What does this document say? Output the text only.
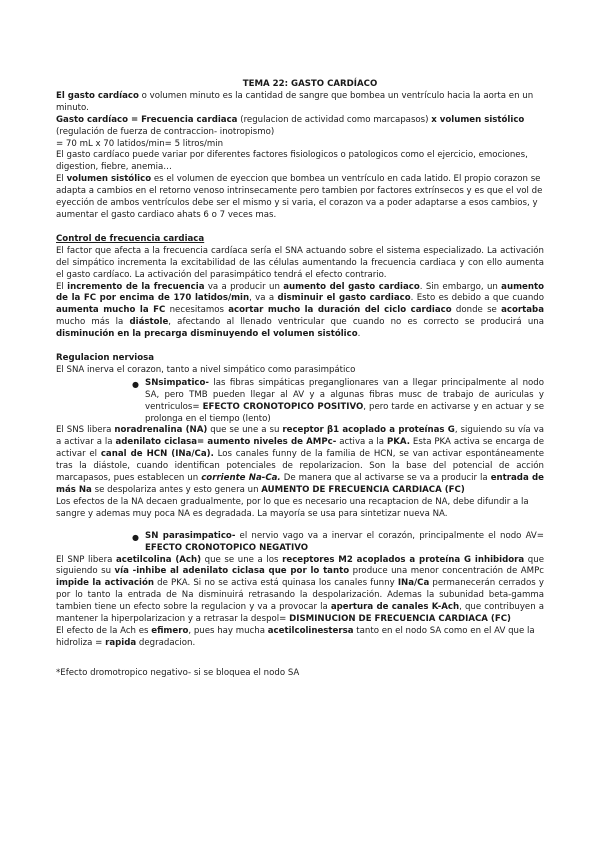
TEMA 22: GASTO CARDÍACO

El gasto cardíaco o volumen minuto es la cantidad de sangre que bombea un ventrículo hacia la aorta en un minuto.

Gasto cardíaco = Frecuencia cardiaca (regulacion de actividad como marcapasos) x volumen sistólico (regulación de fuerza de contraccion- inotropismo)

= 70 mL x 70 latidos/min= 5 litros/min

El gasto cardíaco puede variar por diferentes factores fisiologicos o patologicos como el ejercicio, emociones, digestion, fiebre, anemia…

El volumen sistólico es el volumen de eyeccion que bombea un ventrículo en cada latido. El propio corazon se adapta a cambios en el retorno venoso intrinsecamente pero tambien por factores extrínsecos y es que el vol de eyección de ambos ventrículos debe ser el mismo y si varia, el corazon va a poder adaptarse a esos cambios, y aumentar el gasto cardiaco ahats 6 o 7 veces mas.

Control de frecuencia cardiaca

El factor que afecta a la frecuencia cardíaca sería el SNA actuando sobre el sistema especializado. La activación del simpático incrementa la excitabilidad de las células aumentando la frecuencia cardiaca y con ello aumenta el gasto cardíaco. La activación del parasimpático tendrá el efecto contrario.

El incremento de la frecuencia va a producir un aumento del gasto cardiaco. Sin embargo, un aumento de la FC por encima de 170 latidos/min, va a disminuir el gasto cardiaco. Esto es debido a que cuando aumenta mucho la FC necesitamos acortar mucho la duración del ciclo cardiaco donde se acortaba mucho más la diástole, afectando al llenado ventricular que cuando no es correcto se producirá una disminución en la precarga disminuyendo el volumen sistólico.

Regulacion nerviosa

El SNA inerva el corazon, tanto a nivel simpático como parasimpático

● SNsimpatico- las fibras simpáticas preganglionares van a llegar principalmente al nodo SA, pero TMB pueden llegar al AV y a algunas fibras musc de trabajo de auriculas y ventriculos= EFECTO CRONOTOPICO POSITIVO, pero tarde en activarse y en actuar y se prolonga en el tiempo (lento)

El SNS libera noradrenalina (NA) que se une a su receptor β1 acoplado a proteínas G, siguiendo su vía va a activar a la adenilato ciclasa= aumento niveles de AMPc- activa a la PKA. Esta PKA activa se encarga de activar el canal de HCN (INa/Ca). Los canales funny de la familia de HCN, se van activar espontáneamente tras la diástole, cuando identifican potenciales de repolarizacion. Son la base del potencial de acción marcapasos, pues establecen un corriente Na-Ca. De manera que al activarse se va a producir la entrada de más Na se despolariza antes y esto genera un AUMENTO DE FRECUENCIA CARDIACA (FC)

Los efectos de la NA decaen gradualmente, por lo que es necesario una recaptacion de NA, debe difundir a la sangre y ademas muy poca NA es degradada. La mayoría se usa para sintetizar nueva NA.

● SN parasimpatico- el nervio vago va a inervar el corazón, principalmente el nodo AV= EFECTO CRONOTOPICO NEGATIVO

El SNP libera acetilcolina (Ach) que se une a los receptores M2 acoplados a proteína G inhibidora que siguiendo su vía -inhibe al adenilato ciclasa que por lo tanto produce una menor concentración de AMPc impide la activación de PKA. Si no se activa está quinasa los canales funny INa/Ca permanecerán cerrados y por lo tanto la entrada de Na disminuirá retrasando la despolarización. Ademas la subunidad beta-gamma tambien tiene un efecto sobre la regulacion y va a provocar la apertura de canales K-Ach, que contribuyen a mantener la hiperpolarizacion y a retrasar la despol= DISMINUCION DE FRECUENCIA CARDIACA (FC)

El efecto de la Ach es efimero, pues hay mucha acetilcolinestersa tanto en el nodo SA como en el AV que la hidroliza = rapida degradacion.

*Efecto dromotropico negativo- si se bloquea el nodo SA
